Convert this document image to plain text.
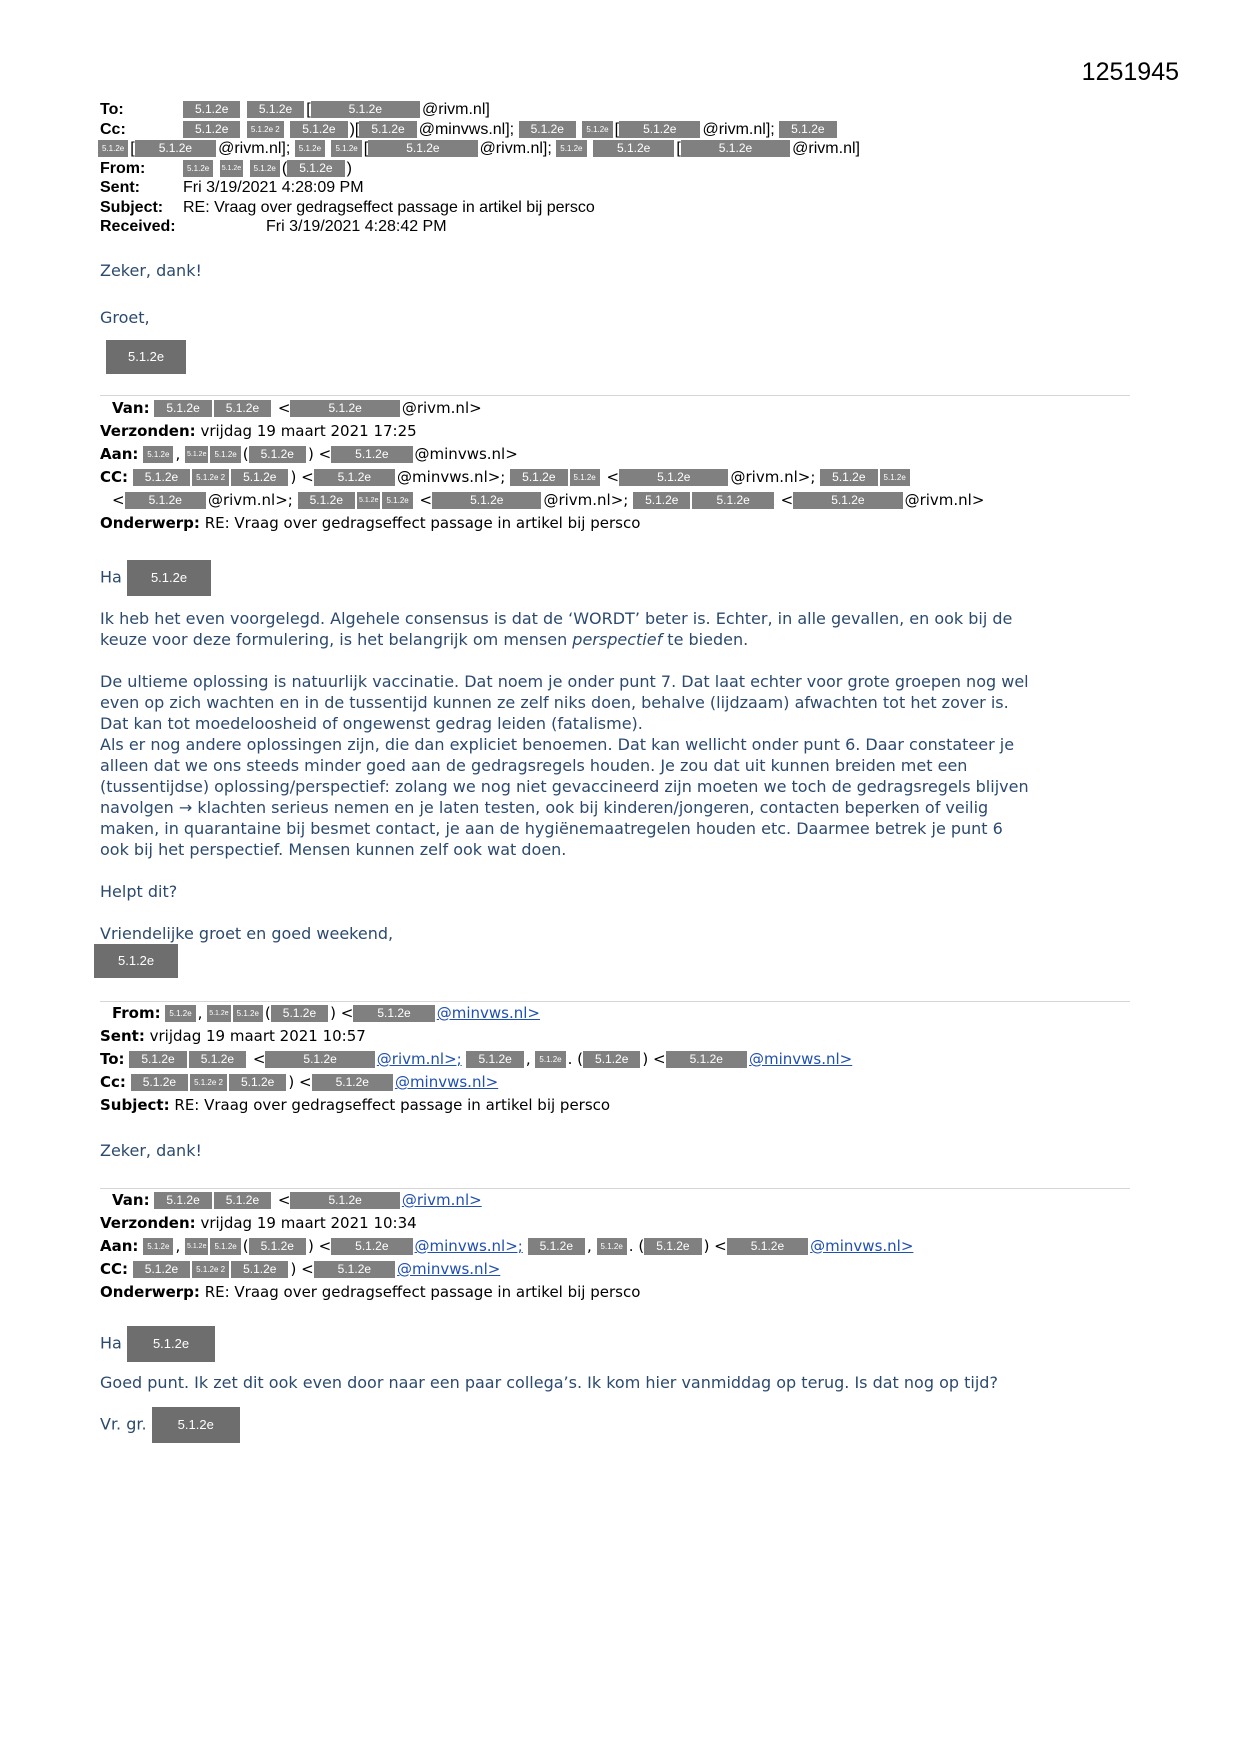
1251945
To:	5.1.2e	5.1.2e [	5.1.2e	@rivm.nl]
Cc:	5.1.2e	5.1.2e 2 5.1.2e )[ 5.1.2e @minvws.nl]; 5.1.2e	5.1.2e [ 5.1.2e @rivm.nl]; 5.1.2e
5.1.2e [ 5.1.2e @rivm.nl]; 5.1.2e 5.1.2e [	5.1.2e	@rivm.nl]; 5.1.2e	5.1.2e [	5.1.2e	@rivm.nl]
From:	5.1.2e 5.1.2e 5.1.2e ( 5.1.2e )
Sent:	Fri 3/19/2021 4:28:09 PM
Subject: RE: Vraag over gedragseffect passage in artikel bij persco
Received:	Fri 3/19/2021 4:28:42 PM

Zeker, dank!

Groet,

5.1.2e
Van: 5.1.2e 5.1.2e <	5.1.2e	@rivm.nl>
Verzonden: vrijdag 19 maart 2021 17:25
Aan: 5.1.2e , 5.1.2e 5.1.2e ( 5.1.2e ) < 5.1.2e @minvws.nl>
CC: 5.1.2e 5.1.2e 2 5.1.2e ) < 5.1.2e @minvws.nl>; 5.1.2e 5.1.2e <	5.1.2e	@rivm.nl>; 5.1.2e 5.1.2e
< 5.1.2e @rivm.nl>; 5.1.2e 5.1.2e 5.1.2e <	5.1.2e	@rivm.nl>; 5.1.2e	5.1.2e <	5.1.2e	@rivm.nl>
Onderwerp: RE: Vraag over gedragseffect passage in artikel bij persco
Ha 5.1.2e

Ik heb het even voorgelegd. Algehele consensus is dat de ‘WORDT’ beter is. Echter, in alle gevallen, en ook bij de

keuze voor deze formulering, is het belangrijk om mensen perspectief te bieden.

De ultieme oplossing is natuurlijk vaccinatie. Dat noem je onder punt 7. Dat laat echter voor grote groepen nog wel

even op zich wachten en in de tussentijd kunnen ze zelf niks doen, behalve (lijdzaam) afwachten tot het zover is.

Dat kan tot moedeloosheid of ongewenst gedrag leiden (fatalisme).

Als er nog andere oplossingen zijn, die dan expliciet benoemen. Dat kan wellicht onder punt 6. Daar constateer je

alleen dat we ons steeds minder goed aan de gedragsregels houden. Je zou dat uit kunnen breiden met een

(tussentijdse) oplossing/perspectief: zolang we nog niet gevaccineerd zijn moeten we toch de gedragsregels blijven

navolgen → klachten serieus nemen en je laten testen, ook bij kinderen/jongeren, contacten beperken of veilig

maken, in quarantaine bij besmet contact, je aan de hygiënemaatregelen houden etc. Daarmee betrek je punt 6

ook bij het perspectief. Mensen kunnen zelf ook wat doen.

Helpt dit?

Vriendelijke groet en goed weekend,

5.1.2e
From: 5.1.2e , 5.1.2e 5.1.2e ( 5.1.2e ) < 5.1.2e @minvws.nl>
Sent: vrijdag 19 maart 2021 10:57
To: 5.1.2e 5.1.2e <	5.1.2e	@rivm.nl>; 5.1.2e , 5.1.2e . ( 5.1.2e ) < 5.1.2e @minvws.nl>
Cc: 5.1.2e 5.1.2e 2 5.1.2e ) < 5.1.2e @minvws.nl>
Subject: RE: Vraag over gedragseffect passage in artikel bij persco

Zeker, dank!

Van: 5.1.2e 5.1.2e <	5.1.2e	@rivm.nl>
Verzonden: vrijdag 19 maart 2021 10:34
Aan: 5.1.2e , 5.1.2e 5.1.2e ( 5.1.2e ) < 5.1.2e @minvws.nl>; 5.1.2e , 5.1.2e . ( 5.1.2e ) < 5.1.2e @minvws.nl>
CC: 5.1.2e 5.1.2e 2 5.1.2e ) < 5.1.2e @minvws.nl>
Onderwerp: RE: Vraag over gedragseffect passage in artikel bij persco
Ha 5.1.2e

Goed punt. Ik zet dit ook even door naar een paar collega’s. Ik kom hier vanmiddag op terug. Is dat nog op tijd?

Vr. gr. 5.1.2e
